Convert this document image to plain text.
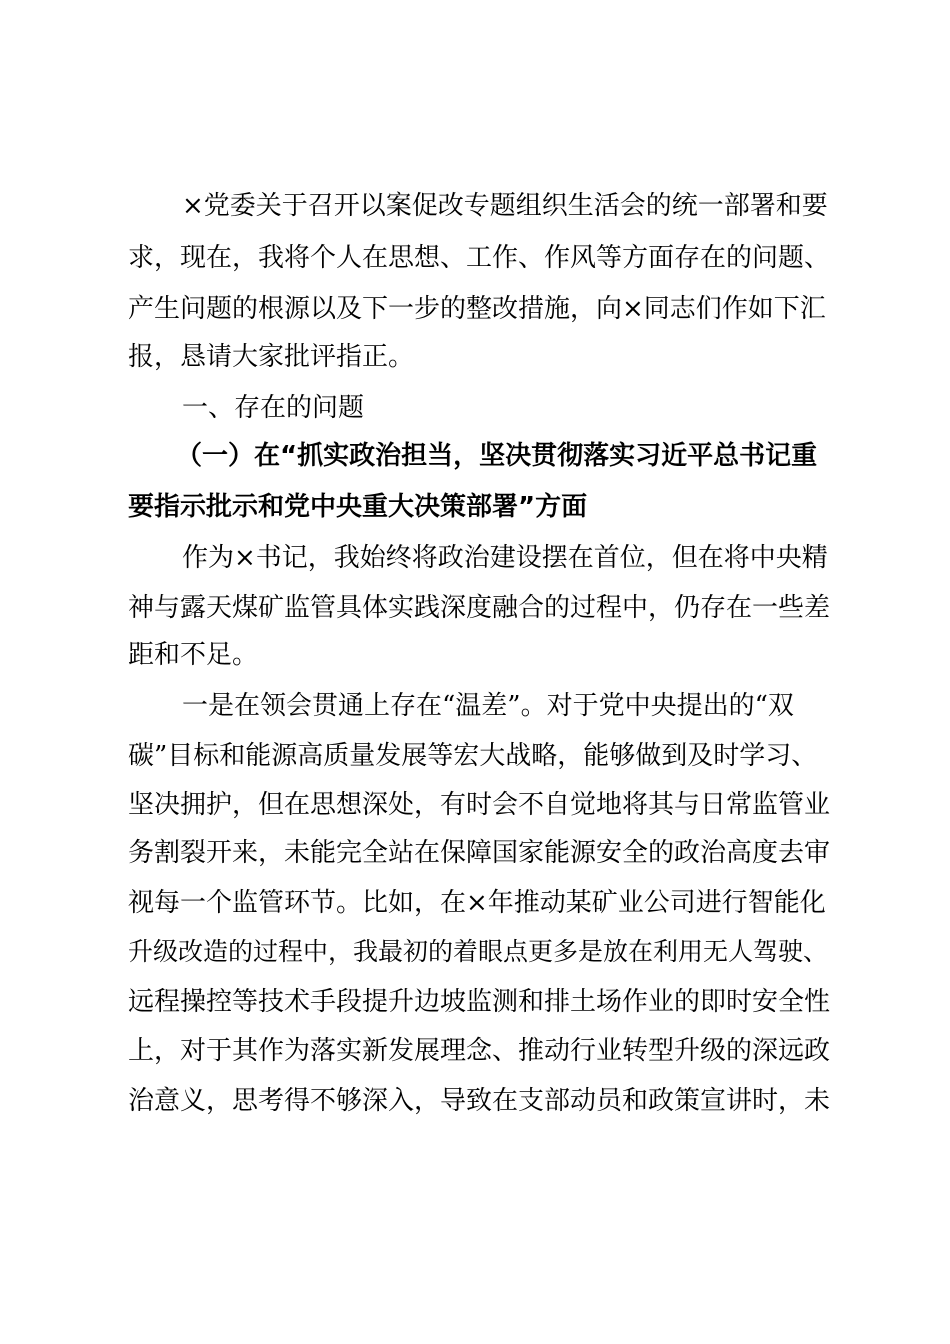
×党委关于召开以案促改专题组织生活会的统一部署和要
求，现在，我将个人在思想、工作、作风等方面存在的问题、
产生问题的根源以及下一步的整改措施，向×同志们作如下汇
报，恳请大家批评指正。
一、存在的问题
（一）在“抓实政治担当，坚决贯彻落实习近平总书记重
要指示批示和党中央重大决策部署”方面
作为×书记，我始终将政治建设摆在首位，但在将中央精
神与露天煤矿监管具体实践深度融合的过程中，仍存在一些差
距和不足。
一是在领会贯通上存在“温差”。对于党中央提出的“双
碳”目标和能源高质量发展等宏大战略，能够做到及时学习、
坚决拥护，但在思想深处，有时会不自觉地将其与日常监管业
务割裂开来，未能完全站在保障国家能源安全的政治高度去审
视每一个监管环节。比如，在×年推动某矿业公司进行智能化
升级改造的过程中，我最初的着眼点更多是放在利用无人驾驶、
远程操控等技术手段提升边坡监测和排土场作业的即时安全性
上，对于其作为落实新发展理念、推动行业转型升级的深远政
治意义，思考得不够深入，导致在支部动员和政策宣讲时，未
